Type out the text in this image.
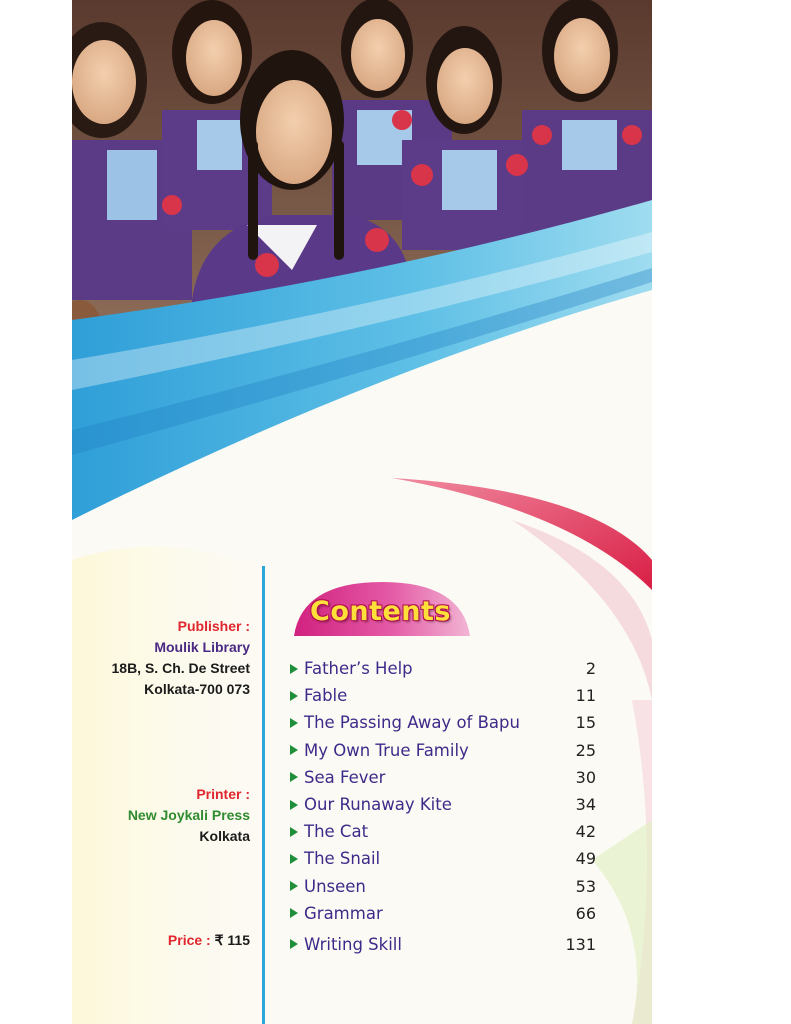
Publisher :
Moulik Library
18B, S. Ch. De Street
Kolkata-700 073
Printer :
New Joykali Press
Kolkata
Price : ₹ 115
Contents
Father’s Help	2
Fable	11
The Passing Away of Bapu	15
My Own True Family	25
Sea Fever	30
Our Runaway Kite	34
The Cat	42
The Snail	49
Unseen	53
Grammar	66
Writing Skill	131
